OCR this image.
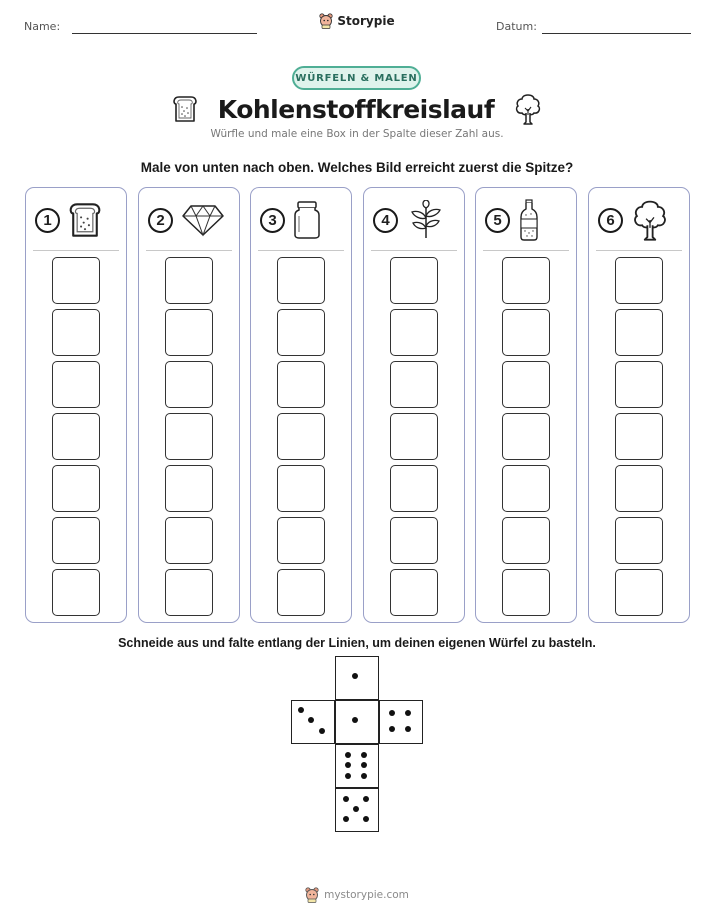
Name:	Storypie	Datum:
WÜRFELN & MALEN
Kohlenstoffkreislauf
Würfle und male eine Box in der Spalte dieser Zahl aus.
Male von unten nach oben. Welches Bild erreicht zuerst die Spitze?
1	2	3	4	5	6
Schneide aus und falte entlang der Linien, um deinen eigenen Würfel zu basteln.
mystorypie.com
